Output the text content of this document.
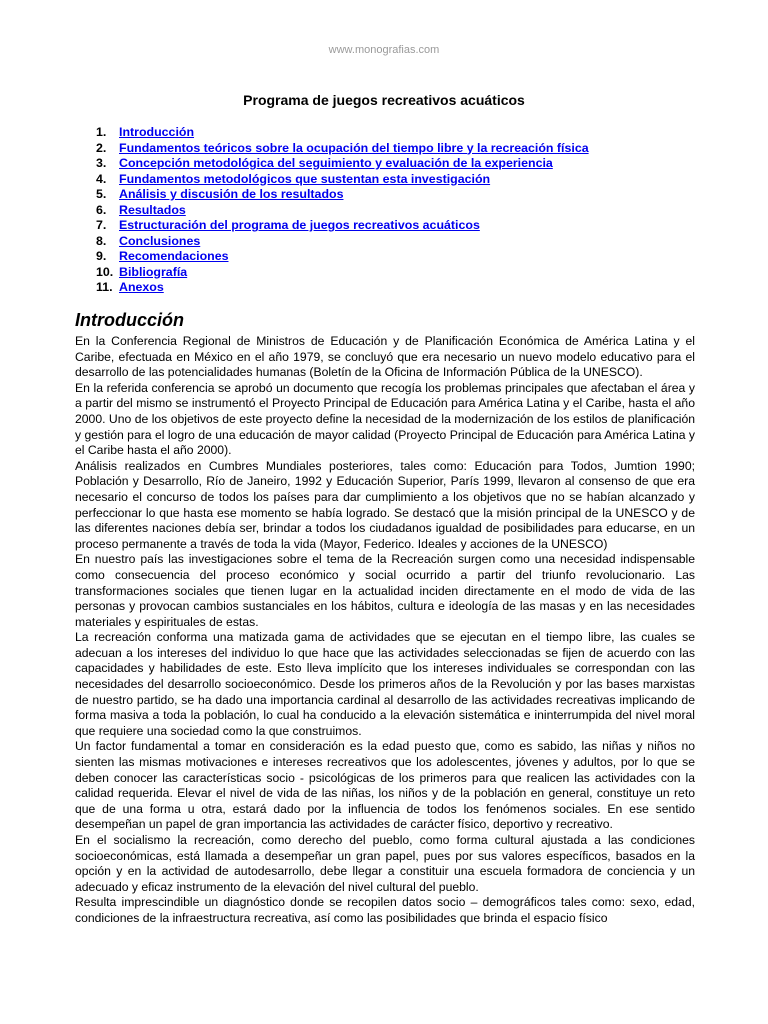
www.monografias.com
Programa de juegos recreativos acuáticos
1. Introducción
2. Fundamentos teóricos sobre la ocupación del tiempo libre y la recreación física
3. Concepción metodológica del seguimiento y evaluación de la experiencia
4. Fundamentos metodológicos que sustentan esta investigación
5. Análisis y discusión de los resultados
6. Resultados
7. Estructuración del programa de juegos recreativos acuáticos
8. Conclusiones
9. Recomendaciones
10. Bibliografía
11. Anexos
Introducción

En la Conferencia Regional de Ministros de Educación y de Planificación Económica de América Latina y el Caribe, efectuada en México en el año 1979, se concluyó que era necesario un nuevo modelo educativo para el desarrollo de las potencialidades humanas (Boletín de la Oficina de Información Pública de la UNESCO).

En la referida conferencia se aprobó un documento que recogía los problemas principales que afectaban el área y a partir del mismo se instrumentó el Proyecto Principal de Educación para América Latina y el Caribe, hasta el año 2000. Uno de los objetivos de este proyecto define la necesidad de la modernización de los estilos de planificación y gestión para el logro de una educación de mayor calidad (Proyecto Principal de Educación para América Latina y el Caribe hasta el año 2000).

Análisis realizados en Cumbres Mundiales posteriores, tales como: Educación para Todos, Jumtion 1990; Población y Desarrollo, Río de Janeiro, 1992 y Educación Superior, París 1999, llevaron al consenso de que era necesario el concurso de todos los países para dar cumplimiento a los objetivos que no se habían alcanzado y perfeccionar lo que hasta ese momento se había logrado. Se destacó que la misión principal de la UNESCO y de las diferentes naciones debía ser, brindar a todos los ciudadanos igualdad de posibilidades para educarse, en un proceso permanente a través de toda la vida (Mayor, Federico. Ideales y acciones de la UNESCO)

En nuestro país las investigaciones sobre el tema de la Recreación surgen como una necesidad indispensable como consecuencia del proceso económico y social ocurrido a partir del triunfo revolucionario. Las transformaciones sociales que tienen lugar en la actualidad inciden directamente en el modo de vida de las personas y provocan cambios sustanciales en los hábitos, cultura e ideología de las masas y en las necesidades materiales y espirituales de estas.

La recreación conforma una matizada gama de actividades que se ejecutan en el tiempo libre, las cuales se adecuan a los intereses del individuo lo que hace que las actividades seleccionadas se fijen de acuerdo con las capacidades y habilidades de este. Esto lleva implícito que los intereses individuales se correspondan con las necesidades del desarrollo socioeconómico. Desde los primeros años de la Revolución y por las bases marxistas de nuestro partido, se ha dado una importancia cardinal al desarrollo de las actividades recreativas implicando de forma masiva a toda la población, lo cual ha conducido a la elevación sistemática e ininterrumpida del nivel moral que requiere una sociedad como la que construimos.

Un factor fundamental a tomar en consideración es la edad puesto que, como es sabido, las niñas y niños no sienten las mismas motivaciones e intereses recreativos que los adolescentes, jóvenes y adultos, por lo que se deben conocer las características socio - psicológicas de los primeros para que realicen las actividades con la calidad requerida. Elevar el nivel de vida de las niñas, los niños y de la población en general, constituye un reto que de una forma u otra, estará dado por la influencia de todos los fenómenos sociales. En ese sentido desempeñan un papel de gran importancia las actividades de carácter físico, deportivo y recreativo.

En el socialismo la recreación, como derecho del pueblo, como forma cultural ajustada a las condiciones socioeconómicas, está llamada a desempeñar un gran papel, pues por sus valores específicos, basados en la opción y en la actividad de autodesarrollo, debe llegar a constituir una escuela formadora de conciencia y un adecuado y eficaz instrumento de la elevación del nivel cultural del pueblo.

Resulta imprescindible un diagnóstico donde se recopilen datos socio – demográficos tales como: sexo, edad, condiciones de la infraestructura recreativa, así como las posibilidades que brinda el espacio físico
